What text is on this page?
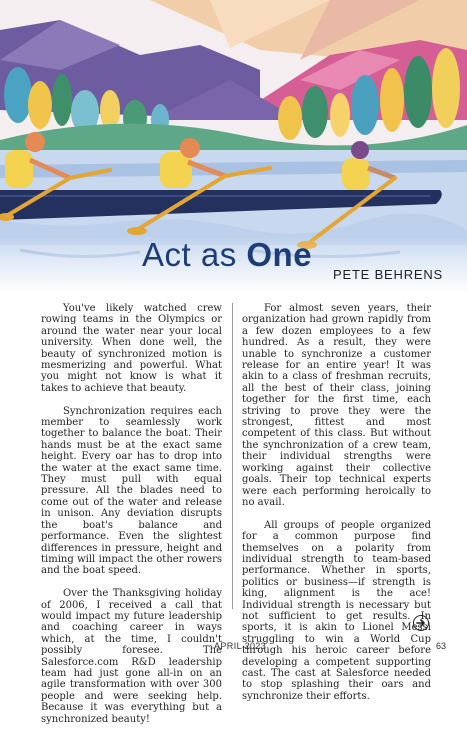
Act as One
PETE BEHRENS

You've likely watched crew rowing teams in the Olympics or around the water near your local university. When done well, the beauty of synchronized motion is mesmerizing and powerful. What you might not know is what it takes to achieve that beauty.

Synchronization requires each member to seamlessly work together to balance the boat. Their hands must be at the exact same height. Every oar has to drop into the water at the exact same time. They must pull with equal pressure. All the blades need to come out of the water and release in unison. Any deviation disrupts the boat's balance and performance. Even the slightest differences in pressure, height and timing will impact the other rowers and the boat speed.

Over the Thanksgiving holiday of 2006, I received a call that would impact my future leadership and coaching career in ways which, at the time, I couldn't possibly foresee. The Salesforce.com R&D leadership team had just gone all-in on an agile transformation with over 300 people and were seeking help. Because it was everything but a synchronized beauty!

For almost seven years, their organization had grown rapidly from a few dozen employees to a few hundred. As a result, they were unable to synchronize a customer release for an entire year! It was akin to a class of freshman recruits, all the best of their class, joining together for the first time, each striving to prove they were the strongest, fittest and most competent of this class. But without the synchronization of a crew team, their individual strengths were working against their collective goals. Their top technical experts were each performing heroically to no avail.

All groups of people organized for a common purpose find themselves on a polarity from individual strength to team-based performance. Whether in sports, politics or business—if strength is king, alignment is the ace! Individual strength is necessary but not sufficient to get results. In sports, it is akin to Lionel Messi struggling to win a World Cup through his heroic career before developing a competent supporting cast. The cast at Salesforce needed to stop splashing their oars and synchronize their efforts.

APRIL 2023	63
